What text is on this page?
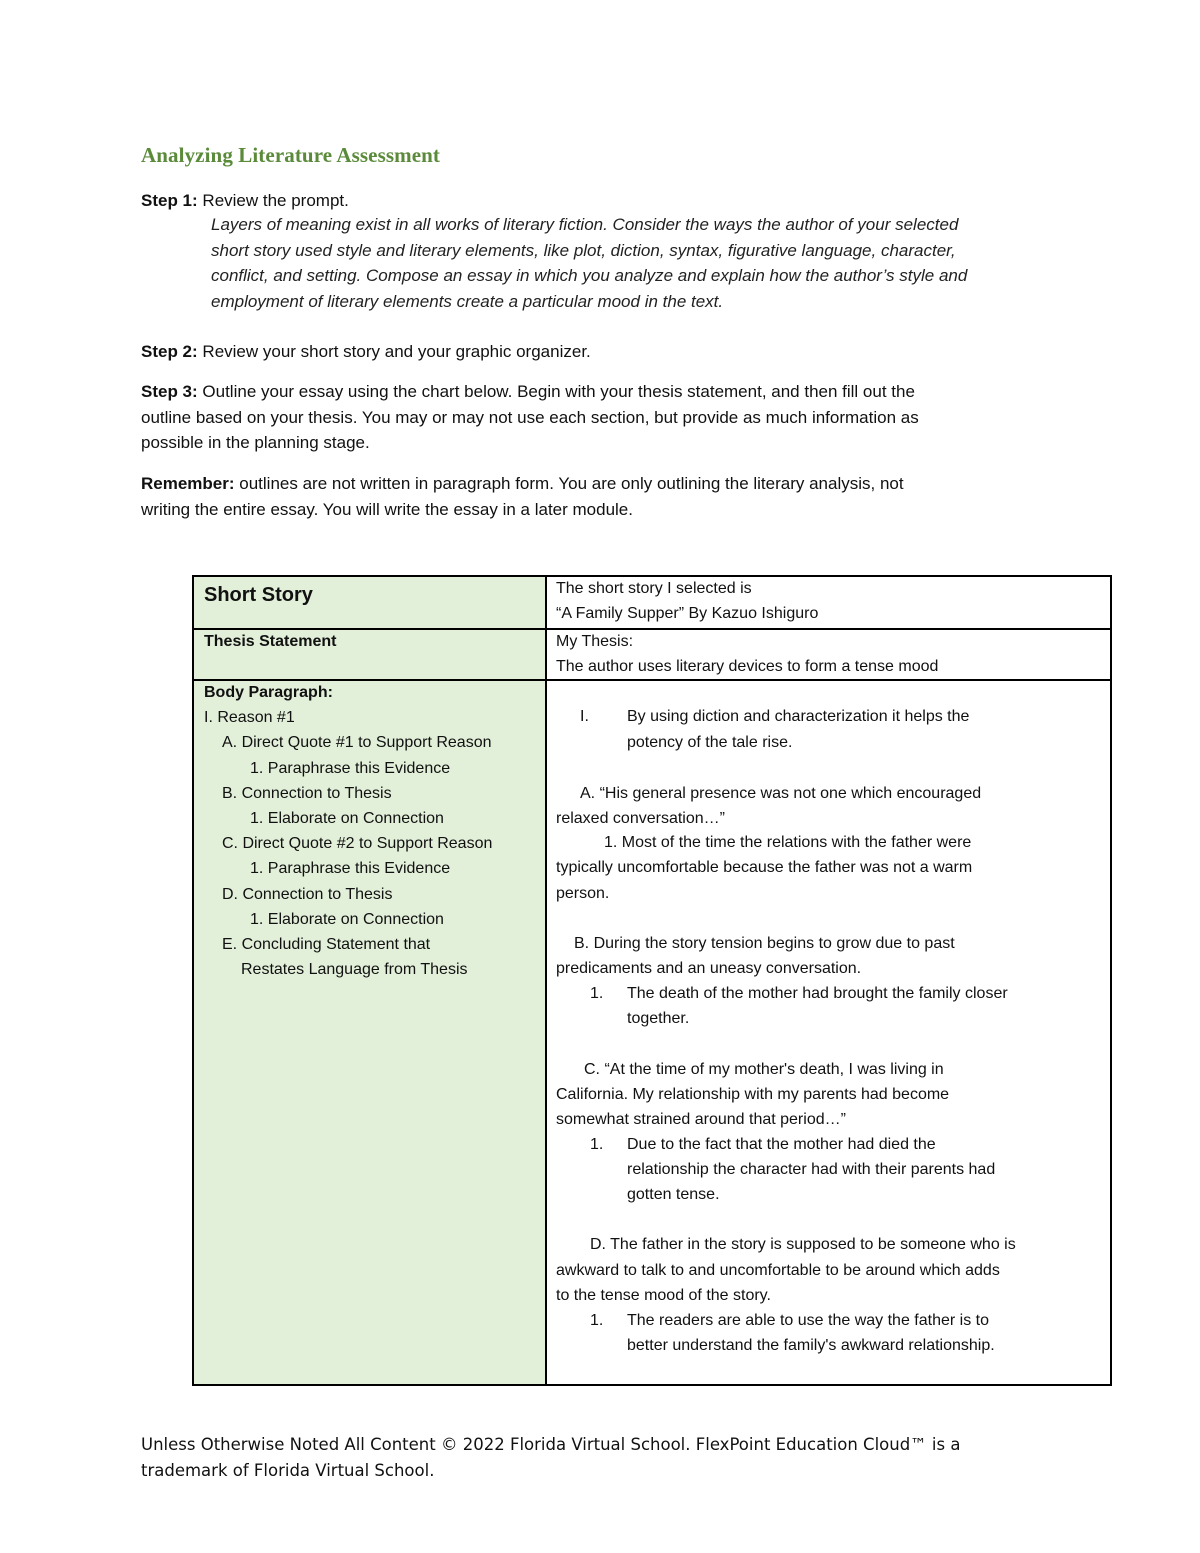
Analyzing Literature Assessment
Step 1: Review the prompt.
Layers of meaning exist in all works of literary fiction. Consider the ways the author of your selected
short story used style and literary elements, like plot, diction, syntax, figurative language, character,
conflict, and setting. Compose an essay in which you analyze and explain how the author’s style and
employment of literary elements create a particular mood in the text.
Step 2: Review your short story and your graphic organizer.
Step 3: Outline your essay using the chart below. Begin with your thesis statement, and then fill out the
outline based on your thesis. You may or may not use each section, but provide as much information as
possible in the planning stage.
Remember: outlines are not written in paragraph form. You are only outlining the literary analysis, not
writing the entire essay. You will write the essay in a later module.
Short Story	The short story I selected is
“A Family Supper” By Kazuo Ishiguro
Thesis Statement	My Thesis:
The author uses literary devices to form a tense mood
Body Paragraph:
I. Reason #1
A. Direct Quote #1 to Support Reason
1. Paraphrase this Evidence
B. Connection to Thesis
1. Elaborate on Connection
C. Direct Quote #2 to Support Reason
1. Paraphrase this Evidence
D. Connection to Thesis
1. Elaborate on Connection
E. Concluding Statement that
Restates Language from Thesis
I. By using diction and characterization it helps the
potency of the tale rise.
A. “His general presence was not one which encouraged
relaxed conversation…”
1. Most of the time the relations with the father were
typically uncomfortable because the father was not a warm
person.
B. During the story tension begins to grow due to past
predicaments and an uneasy conversation.
1. The death of the mother had brought the family closer
together.
C. “At the time of my mother's death, I was living in
California. My relationship with my parents had become
somewhat strained around that period…”
1. Due to the fact that the mother had died the
relationship the character had with their parents had
gotten tense.
D. The father in the story is supposed to be someone who is
awkward to talk to and uncomfortable to be around which adds
to the tense mood of the story.
1. The readers are able to use the way the father is to
better understand the family's awkward relationship.
Unless Otherwise Noted All Content © 2022 Florida Virtual School. FlexPoint Education Cloud™ is a
trademark of Florida Virtual School.
